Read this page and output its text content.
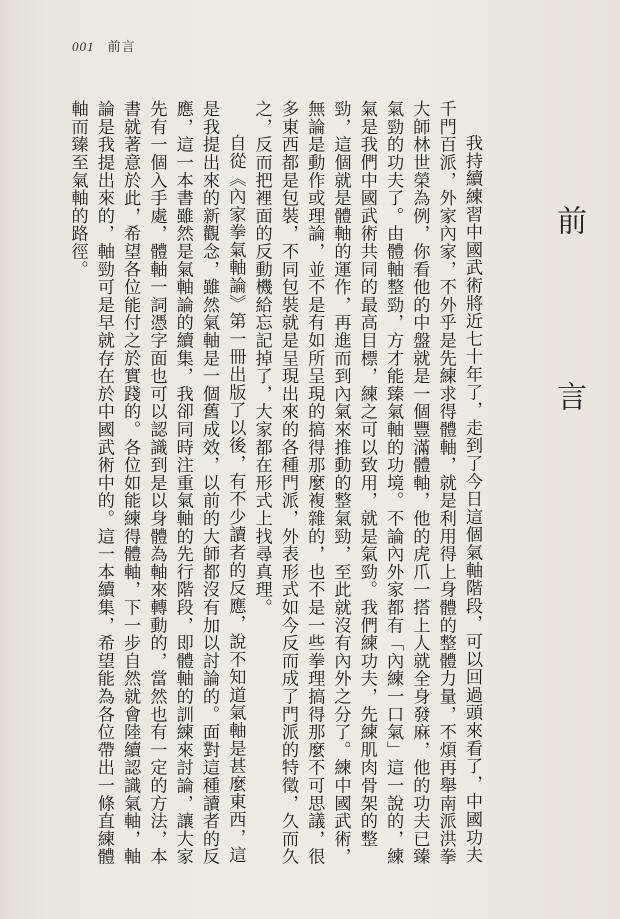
001 前言
前　言

我持續練習中國武術將近七十年了，走到了今日這個氣軸階段，可以回過頭來看了，中國功夫千門百派，外家內家，不外乎是先練求得體軸，就是利用得上身體的整體力量，不煩再舉南派洪拳大師林世榮為例，你看他的中盤就是一個豐滿體軸，他的虎爪一搭上人就全身發麻，他的功夫已臻氣勁的功夫了。由體軸整勁，方才能臻氣軸的功境。不論內外家都有「內練一口氣」這一說的，練氣是我們中國武術共同的最高目標，練之可以致用，就是氣勁。我們練功夫，先練肌肉骨架的整勁，這個就是體軸的運作，再進而到內氣來推動的整氣勁，至此就沒有內外之分了。練中國武術，無論是動作或理論，並不是有如所呈現的搞得那麼複雜的，也不是一些拳理搞得那麼不可思議，很多東西都是包裝，不同包裝就是呈現出來的各種門派，外表形式如今反而成了門派的特徵，久而久之，反而把裡面的反動機給忘記掉了，大家都在形式上找尋真理。

自從《內家拳氣軸論》第一冊出版了以後，有不少讀者的反應，說不知道氣軸是甚麼東西，這是我提出來的新觀念，雖然氣軸是一個舊成效，以前的大師都沒有加以討論的。面對這種讀者的反應，這一本書雖然是氣軸論的續集，我卻同時注重氣軸的先行階段，即體軸的訓練來討論，讓大家先有一個入手處，體軸一詞憑字面也可以認識到是以身體為軸來轉動的，當然也有一定的方法，本書就著意於此，希望各位能付之於實踐的。各位如能練得體軸，下一步自然就會陸續認識氣軸，軸論是我提出來的，軸勁可是早就存在於中國武術中的。這一本續集，希望能為各位帶出一條直練體軸而臻至氣軸的路徑。
